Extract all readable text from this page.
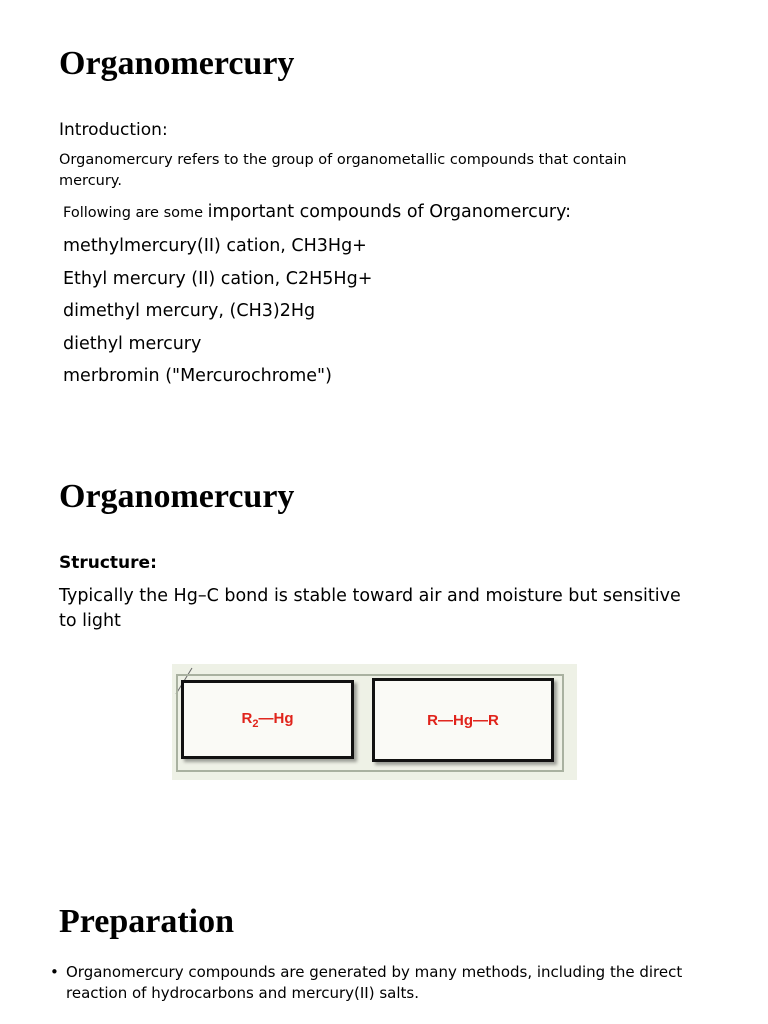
Organomercury

Introduction:

Organomercury refers to the group of organometallic compounds that contain

mercury.

Following are some important compounds of Organomercury:

methylmercury(II) cation, CH3Hg+
Ethyl mercury (II) cation, C2H5Hg+
dimethyl mercury, (CH3)2Hg
diethyl mercury
merbromin ("Mercurochrome")
Organomercury

Structure:

Typically the Hg–C bond is stable toward air and moisture but sensitive

to light

$R_2—Hg$	R—Hg—R
Preparation
• Organomercury compounds are generated by many methods, including the direct

reaction of hydrocarbons and mercury(II) salts.
